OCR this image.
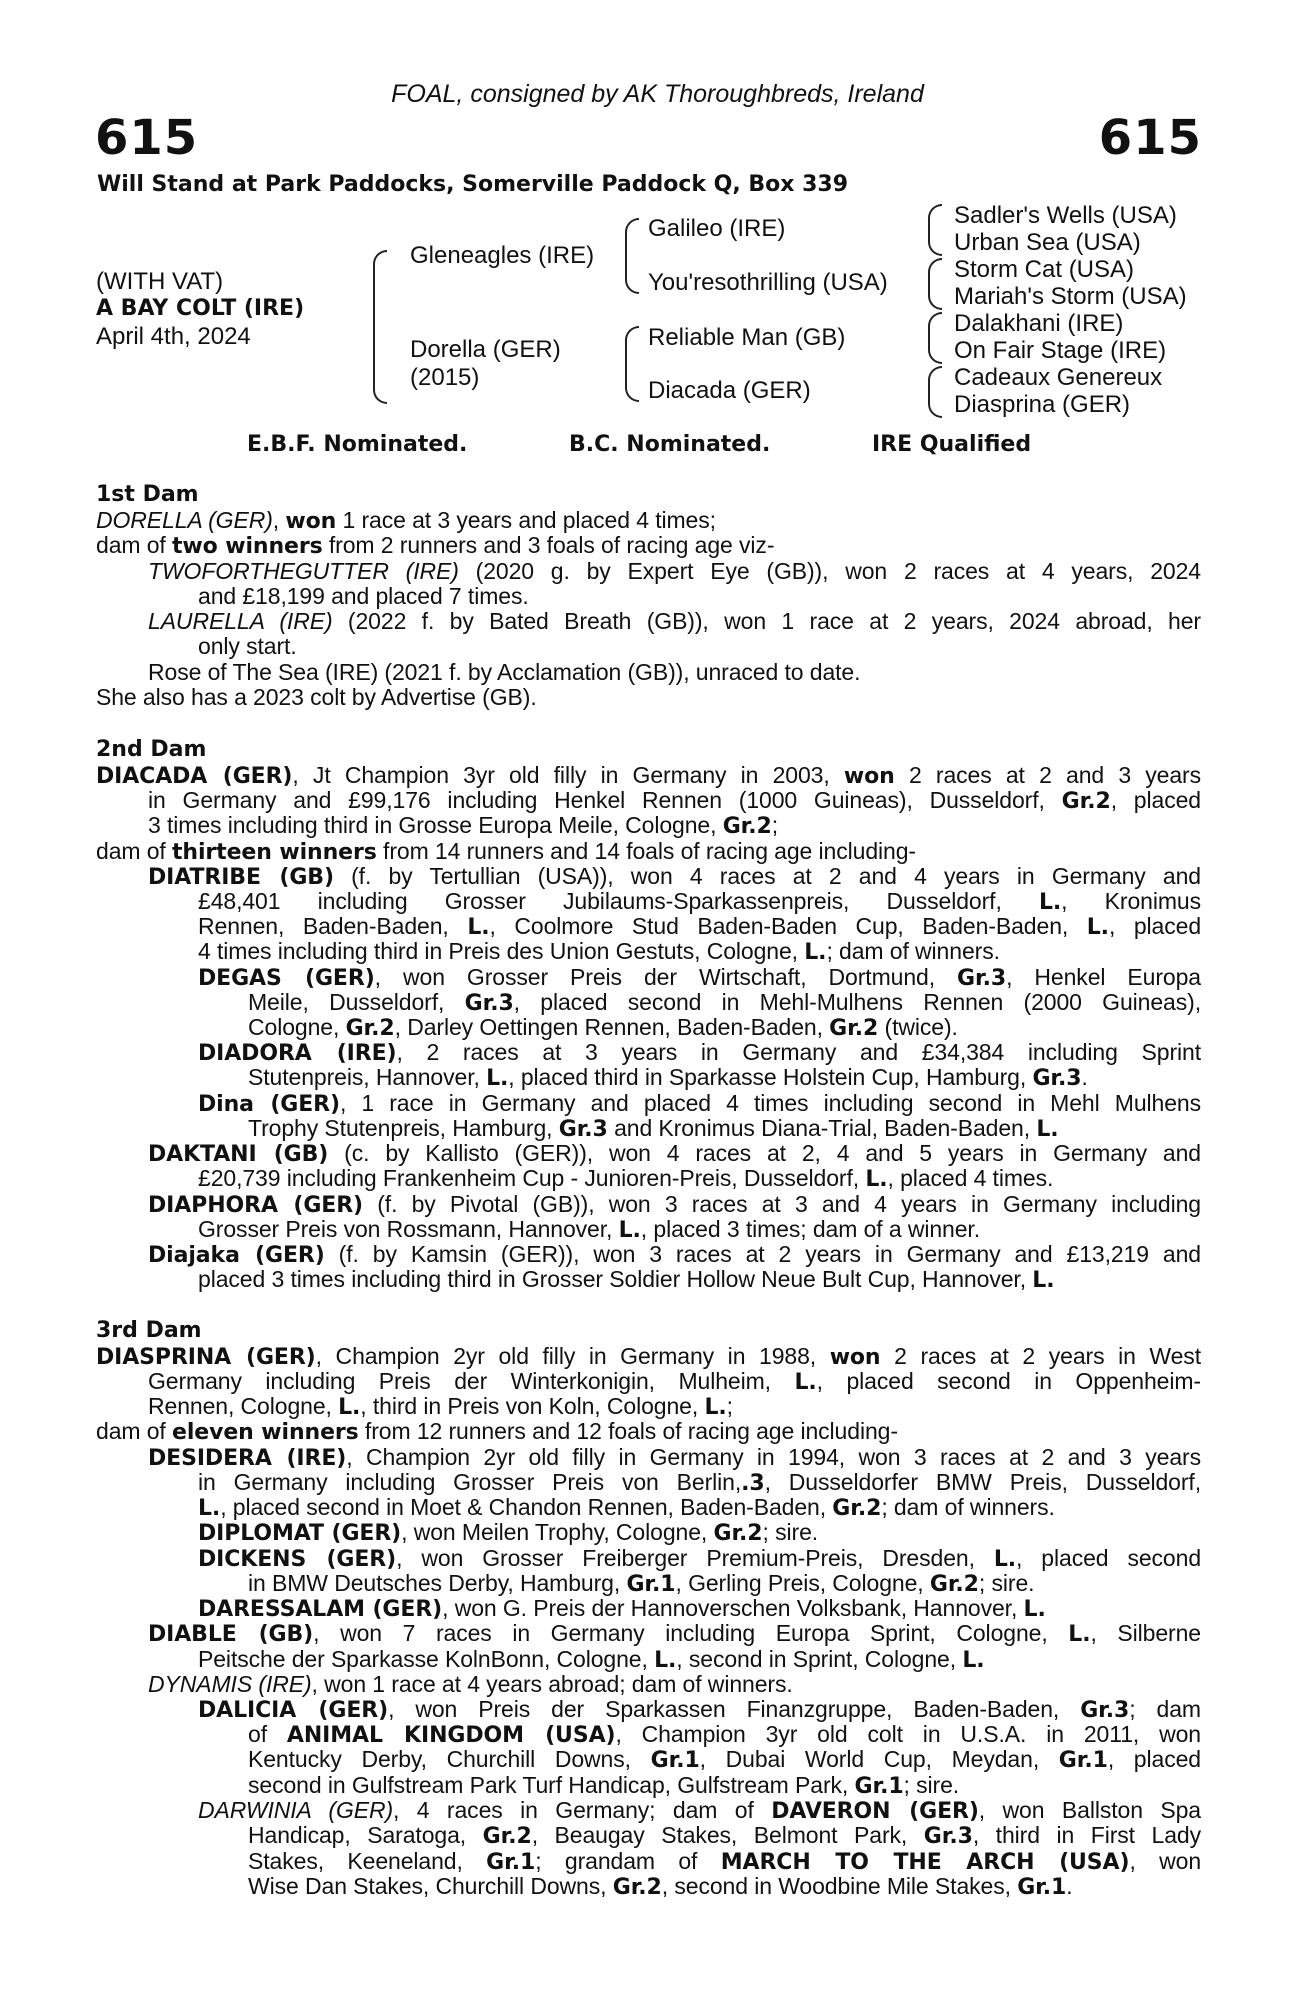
FOAL, consigned by AK Thoroughbreds, Ireland
615	615
Will Stand at Park Paddocks, Somerville Paddock Q, Box 339
(WITH VAT)
A BAY COLT (IRE)
April 4th, 2024
Gleneagles (IRE)
Dorella (GER)
(2015)
Galileo (IRE)
You'resothrilling (USA)
Reliable Man (GB)
Diacada (GER)
Sadler's Wells (USA)
Urban Sea (USA)
Storm Cat (USA)
Mariah's Storm (USA)
Dalakhani (IRE)
On Fair Stage (IRE)
Cadeaux Genereux
Diasprina (GER)
E.B.F. Nominated.	B.C. Nominated.	IRE Qualified
1st Dam
DORELLA (GER), won 1 race at 3 years and placed 4 times;
dam of two winners from 2 runners and 3 foals of racing age viz-
TWOFORTHEGUTTER (IRE) (2020 g. by Expert Eye (GB)), won 2 races at 4 years, 2024
and £18,199 and placed 7 times.
LAURELLA (IRE) (2022 f. by Bated Breath (GB)), won 1 race at 2 years, 2024 abroad, her
only start.
Rose of The Sea (IRE) (2021 f. by Acclamation (GB)), unraced to date.
She also has a 2023 colt by Advertise (GB).
2nd Dam
DIACADA (GER), Jt Champion 3yr old filly in Germany in 2003, won 2 races at 2 and 3 years
in Germany and £99,176 including Henkel Rennen (1000 Guineas), Dusseldorf, Gr.2, placed
3 times including third in Grosse Europa Meile, Cologne, Gr.2;
dam of thirteen winners from 14 runners and 14 foals of racing age including-
DIATRIBE (GB) (f. by Tertullian (USA)), won 4 races at 2 and 4 years in Germany and
£48,401 including Grosser Jubilaums-Sparkassenpreis, Dusseldorf, L., Kronimus
Rennen, Baden-Baden, L., Coolmore Stud Baden-Baden Cup, Baden-Baden, L., placed
4 times including third in Preis des Union Gestuts, Cologne, L.; dam of winners.
DEGAS (GER), won Grosser Preis der Wirtschaft, Dortmund, Gr.3, Henkel Europa
Meile, Dusseldorf, Gr.3, placed second in Mehl-Mulhens Rennen (2000 Guineas),
Cologne, Gr.2, Darley Oettingen Rennen, Baden-Baden, Gr.2 (twice).
DIADORA (IRE), 2 races at 3 years in Germany and £34,384 including Sprint
Stutenpreis, Hannover, L., placed third in Sparkasse Holstein Cup, Hamburg, Gr.3.
Dina (GER), 1 race in Germany and placed 4 times including second in Mehl Mulhens
Trophy Stutenpreis, Hamburg, Gr.3 and Kronimus Diana-Trial, Baden-Baden, L.
DAKTANI (GB) (c. by Kallisto (GER)), won 4 races at 2, 4 and 5 years in Germany and
£20,739 including Frankenheim Cup - Junioren-Preis, Dusseldorf, L., placed 4 times.
DIAPHORA (GER) (f. by Pivotal (GB)), won 3 races at 3 and 4 years in Germany including
Grosser Preis von Rossmann, Hannover, L., placed 3 times; dam of a winner.
Diajaka (GER) (f. by Kamsin (GER)), won 3 races at 2 years in Germany and £13,219 and
placed 3 times including third in Grosser Soldier Hollow Neue Bult Cup, Hannover, L.
3rd Dam
DIASPRINA (GER), Champion 2yr old filly in Germany in 1988, won 2 races at 2 years in West
Germany including Preis der Winterkonigin, Mulheim, L., placed second in Oppenheim-
Rennen, Cologne, L., third in Preis von Koln, Cologne, L.;
dam of eleven winners from 12 runners and 12 foals of racing age including-
DESIDERA (IRE), Champion 2yr old filly in Germany in 1994, won 3 races at 2 and 3 years
in Germany including Grosser Preis von Berlin,.3, Dusseldorfer BMW Preis, Dusseldorf,
L., placed second in Moet & Chandon Rennen, Baden-Baden, Gr.2; dam of winners.
DIPLOMAT (GER), won Meilen Trophy, Cologne, Gr.2; sire.
DICKENS (GER), won Grosser Freiberger Premium-Preis, Dresden, L., placed second
in BMW Deutsches Derby, Hamburg, Gr.1, Gerling Preis, Cologne, Gr.2; sire.
DARESSALAM (GER), won G. Preis der Hannoverschen Volksbank, Hannover, L.
DIABLE (GB), won 7 races in Germany including Europa Sprint, Cologne, L., Silberne
Peitsche der Sparkasse KolnBonn, Cologne, L., second in Sprint, Cologne, L.
DYNAMIS (IRE), won 1 race at 4 years abroad; dam of winners.
DALICIA (GER), won Preis der Sparkassen Finanzgruppe, Baden-Baden, Gr.3; dam
of ANIMAL KINGDOM (USA), Champion 3yr old colt in U.S.A. in 2011, won
Kentucky Derby, Churchill Downs, Gr.1, Dubai World Cup, Meydan, Gr.1, placed
second in Gulfstream Park Turf Handicap, Gulfstream Park, Gr.1; sire.
DARWINIA (GER), 4 races in Germany; dam of DAVERON (GER), won Ballston Spa
Handicap, Saratoga, Gr.2, Beaugay Stakes, Belmont Park, Gr.3, third in First Lady
Stakes, Keeneland, Gr.1; grandam of MARCH TO THE ARCH (USA), won
Wise Dan Stakes, Churchill Downs, Gr.2, second in Woodbine Mile Stakes, Gr.1.
